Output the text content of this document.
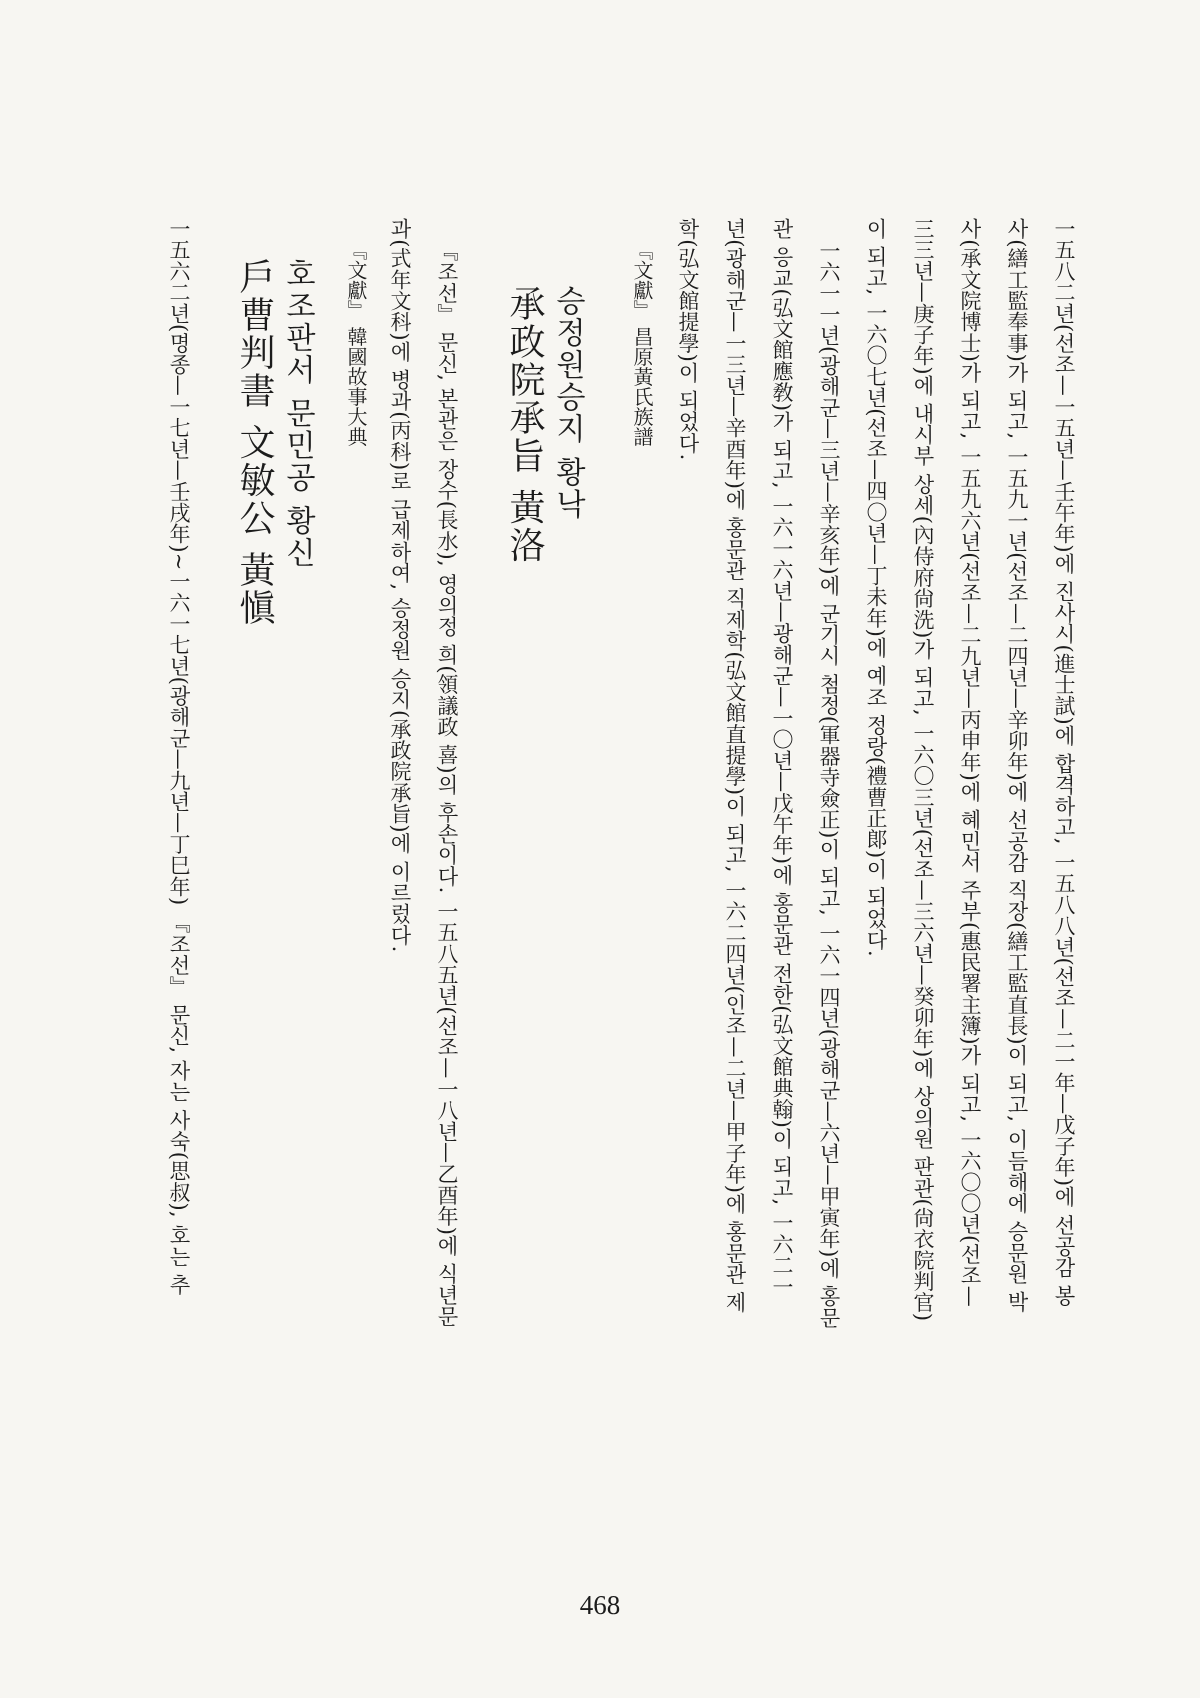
一五八二년(선조—一五년—壬午年)에 진사시(進士試)에 합격하고, 一五八八년(선조—二一年—戊子年)에 선공감 봉
사(繕工監奉事)가 되고, 一五九一년(선조—二四년—辛卯年)에 선공감 직장(繕工監直長)이 되고, 이듬해에 승문원 박
사(承文院博士)가 되고, 一五九六년(선조—二九년—丙申年)에 혜민서 주부(惠民署主簿)가 되고, 一六〇〇년(선조—
三三년—庚子年)에 내시부 상세(內侍府尙洗)가 되고, 一六〇三년(선조—三六년—癸卯年)에 상의원 판관(尙衣院判官)
이 되고, 一六〇七년(선조—四〇년—丁未年)에 예조 정랑(禮曹正郞)이 되었다.
一六一一년(광해군—三년—辛亥年)에 군기시 첨정(軍器寺僉正)이 되고, 一六一四년(광해군—六년—甲寅年)에 홍문
관 응교(弘文館應敎)가 되고, 一六一六년—광해군—一〇년—戊午年)에 홍문관 전한(弘文館典翰)이 되고, 一六二一
년(광해군—一三년—辛酉年)에 홍문관 직제학(弘文館直提學)이 되고, 一六二四년(인조—二년—甲子年)에 홍문관 제
학(弘文館提學)이 되었다.
『文獻』 昌原黃氏族譜
승정원승지 황낙
承政院承旨 黃洛
『조선』 문신, 본관은 장수(長水), 영의정 희(領議政 喜)의 후손이다. 一五八五년(선조—一八년—乙酉年)에 식년문
과(式年文科)에 병과(丙科)로 급제하여, 승정원 승지(承政院承旨)에 이르렀다.
『文獻』 韓國故事大典
호조판서 문민공 황신
戶曹判書 文敏公 黃愼
一五六二년(명종—一七년—壬戌年)~一六一七년(광해군—九년—丁巳年) 『조선』 문신, 자는 사숙(思叔), 호는 추
468
